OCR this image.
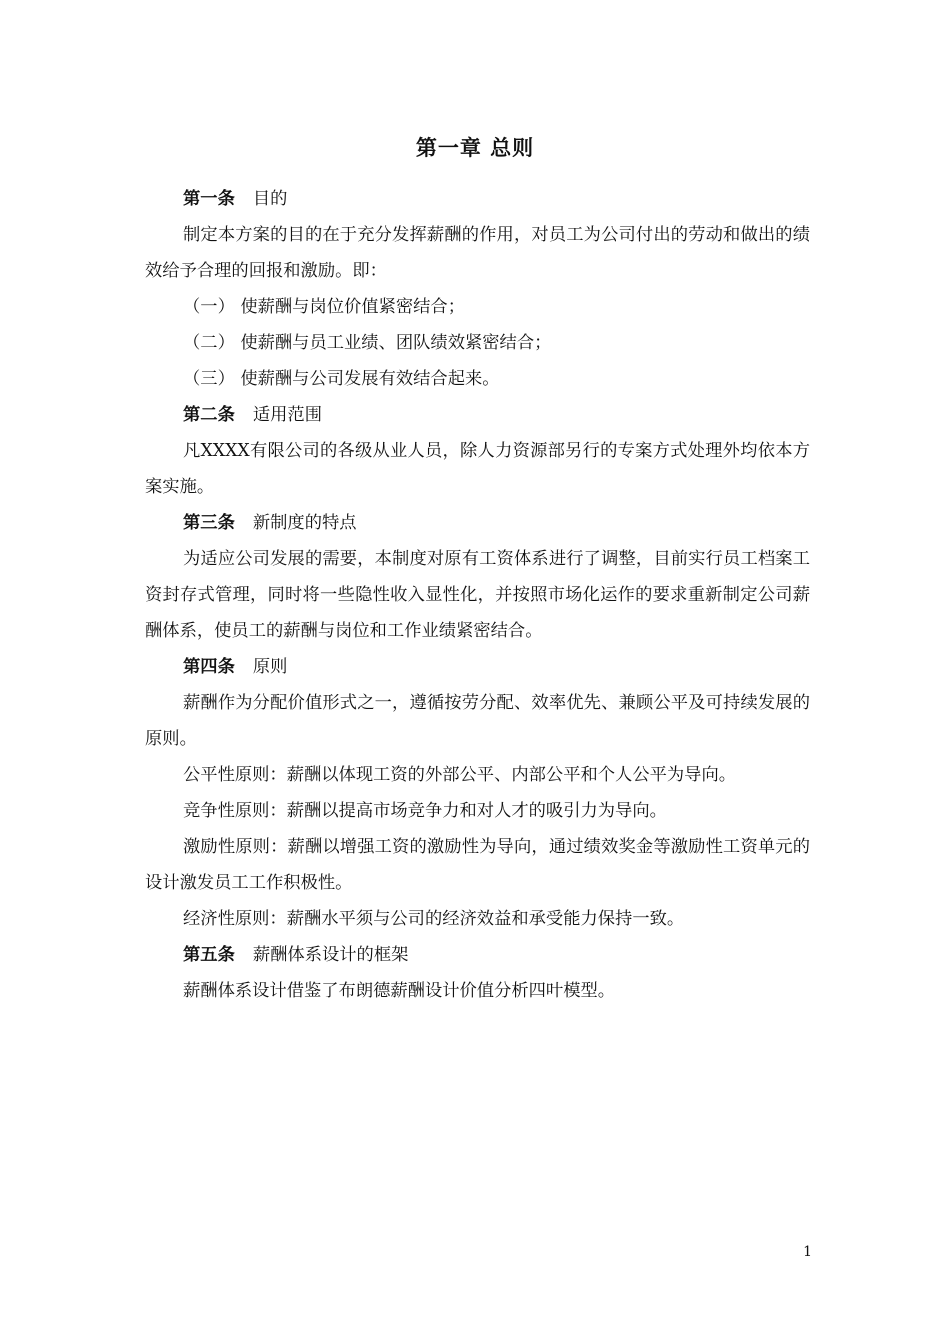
第一章 总则

第一条 目的

制定本方案的目的在于充分发挥薪酬的作用，对员工为公司付出的劳动和做出的绩效给予合理的回报和激励。即：

（一） 使薪酬与岗位价值紧密结合；

（二） 使薪酬与员工业绩、团队绩效紧密结合；

（三） 使薪酬与公司发展有效结合起来。

第二条 适用范围

凡XXXX有限公司的各级从业人员，除人力资源部另行的专案方式处理外均依本方案实施。

第三条 新制度的特点

为适应公司发展的需要，本制度对原有工资体系进行了调整，目前实行员工档案工资封存式管理，同时将一些隐性收入显性化，并按照市场化运作的要求重新制定公司薪酬体系，使员工的薪酬与岗位和工作业绩紧密结合。

第四条 原则

薪酬作为分配价值形式之一，遵循按劳分配、效率优先、兼顾公平及可持续发展的原则。

公平性原则：薪酬以体现工资的外部公平、内部公平和个人公平为导向。

竞争性原则：薪酬以提高市场竞争力和对人才的吸引力为导向。

激励性原则：薪酬以增强工资的激励性为导向，通过绩效奖金等激励性工资单元的设计激发员工工作积极性。

经济性原则：薪酬水平须与公司的经济效益和承受能力保持一致。

第五条 薪酬体系设计的框架

薪酬体系设计借鉴了布朗德薪酬设计价值分析四叶模型。

1
